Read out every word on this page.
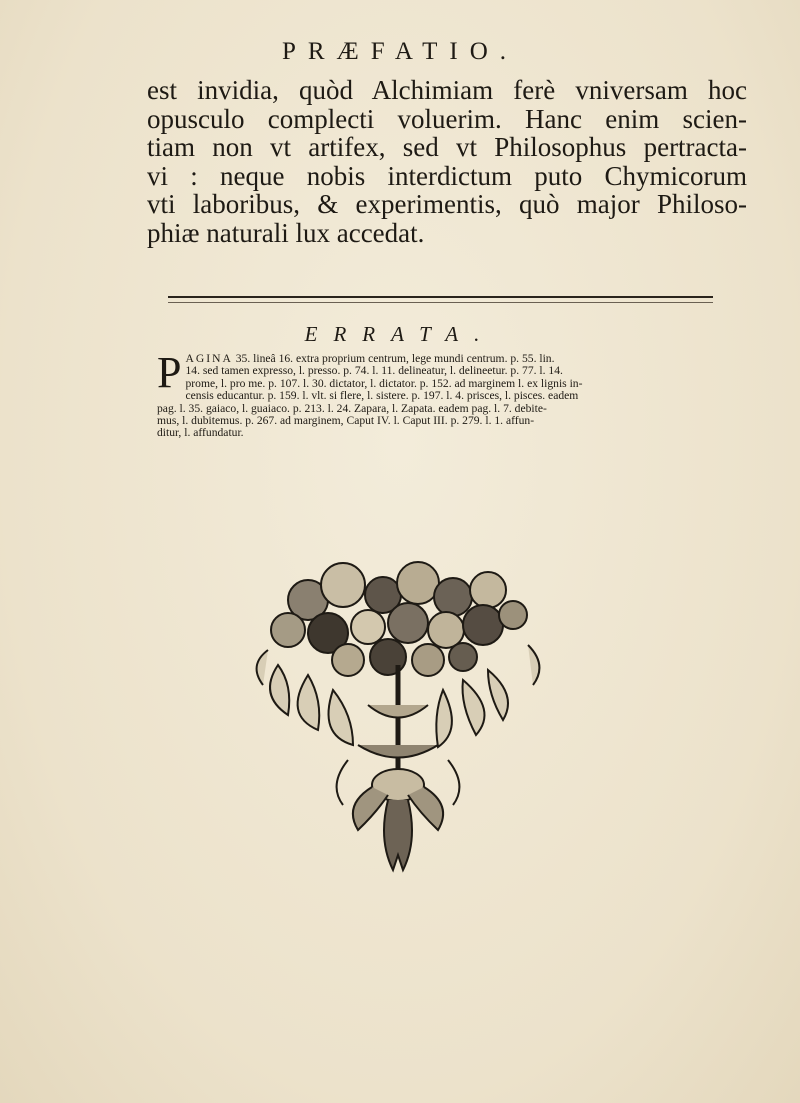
PRÆFATIO.
est invidia, quòd Alchimiam ferè vniversam hoc
opusculo complecti voluerim. Hanc enim scien-
tiam non vt artifex, sed vt Philosophus pertracta-
vi : neque nobis interdictum puto Chymicorum
vti laboribus, & experimentis, quò major Philoso-
phiæ naturali lux accedat.
ERRATA.
P AGINA 35. lineâ 16. extra proprium centrum, lege mundi centrum. p. 55. lin.
14. sed tamen expresso, l. presso. p. 74. l. 11. delineatur, l. delineetur. p. 77. l. 14.
prome, l. pro me. p. 107. l. 30. dictator, l. dictator. p. 152. ad marginem l. ex lignis in-
censis educantur. p. 159. l. vlt. si flere, l. sistere. p. 197. l. 4. prisces, l. pisces. eadem
pag. l. 35. gaiaco, l. guaiaco. p. 213. l. 24. Zapara, l. Zapata. eadem pag. l. 7. debite-
mus, l. dubitemus. p. 267. ad marginem, Caput IV. l. Caput III. p. 279. l. 1. affun-
ditur, l. affundatur.
